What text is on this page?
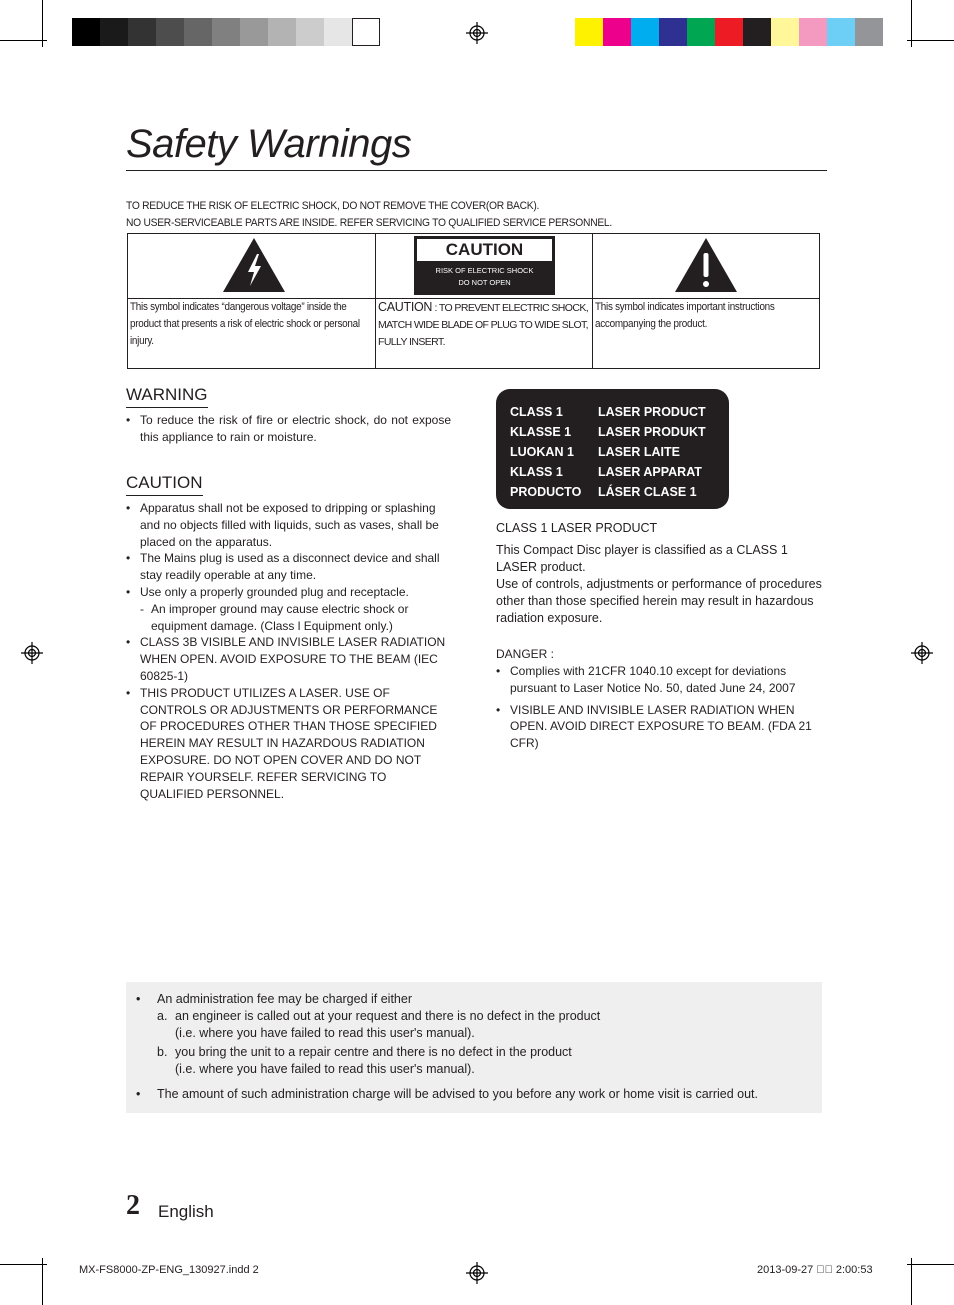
Safety Warnings
TO REDUCE THE RISK OF ELECTRIC SHOCK, DO NOT REMOVE THE COVER(OR BACK).
NO USER-SERVICEABLE PARTS ARE INSIDE. REFER SERVICING TO QUALIFIED SERVICE PERSONNEL.
CAUTION
RISK OF ELECTRIC SHOCK
DO NOT OPEN
This symbol indicates “dangerous voltage” inside the product that presents a risk of electric shock or personal injury.
CAUTION : TO PREVENT ELECTRIC SHOCK, MATCH WIDE BLADE OF PLUG TO WIDE SLOT, FULLY INSERT.
This symbol indicates important instructions accompanying the product.
WARNING
• To reduce the risk of fire or electric shock, do not expose this appliance to rain or moisture.
CAUTION
• Apparatus shall not be exposed to dripping or splashing and no objects filled with liquids, such as vases, shall be placed on the apparatus.
• The Mains plug is used as a disconnect device and shall stay readily operable at any time.
• Use only a properly grounded plug and receptacle.
- An improper ground may cause electric shock or equipment damage. (Class l Equipment only.)
• CLASS 3B VISIBLE AND INVISIBLE LASER RADIATION WHEN OPEN. AVOID EXPOSURE TO THE BEAM (IEC 60825-1)
• THIS PRODUCT UTILIZES A LASER. USE OF CONTROLS OR ADJUSTMENTS OR PERFORMANCE OF PROCEDURES OTHER THAN THOSE SPECIFIED HEREIN MAY RESULT IN HAZARDOUS RADIATION EXPOSURE. DO NOT OPEN COVER AND DO NOT REPAIR YOURSELF. REFER SERVICING TO QUALIFIED PERSONNEL.
CLASS 1	LASER PRODUCT
KLASSE 1	LASER PRODUKT
LUOKAN 1	LASER LAITE
KLASS 1	LASER APPARAT
PRODUCTO	LÁSER CLASE 1
CLASS 1 LASER PRODUCT
This Compact Disc player is classified as a CLASS 1 LASER product.
Use of controls, adjustments or performance of procedures other than those specified herein may result in hazardous radiation exposure.
DANGER :
• Complies with 21CFR 1040.10 except for deviations pursuant to Laser Notice No. 50, dated June 24, 2007
• VISIBLE AND INVISIBLE LASER RADIATION WHEN OPEN. AVOID DIRECT EXPOSURE TO BEAM. (FDA 21 CFR)
• An administration fee may be charged if either
a. an engineer is called out at your request and there is no defect in the product
(i.e. where you have failed to read this user's manual).
b. you bring the unit to a repair centre and there is no defect in the product
(i.e. where you have failed to read this user's manual).
• The amount of such administration charge will be advised to you before any work or home visit is carried out.
2 English
MX-FS8000-ZP-ENG_130927.indd 2	2013-09-27 ￿￿ 2:00:53
